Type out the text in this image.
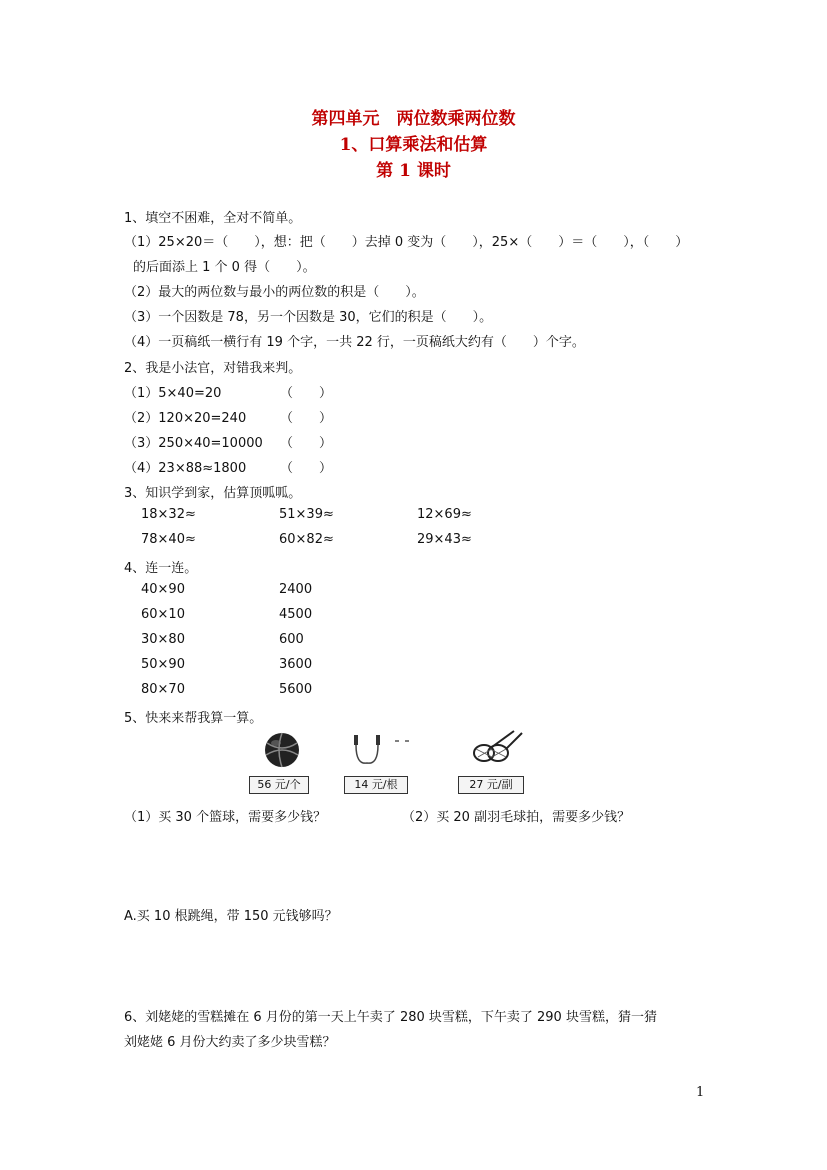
第四单元　两位数乘两位数
1、口算乘法和估算
第 1 课时
1、填空不困难，全对不简单。
（1）25×20＝（　　），想：把（　　）去掉 0 变为（　　），25×（　　）＝（　　），（　　）
的后面添上 1 个 0 得（　　）。
（2）最大的两位数与最小的两位数的积是（　　）。
（3）一个因数是 78，另一个因数是 30，它们的积是（　　）。
（4）一页稿纸一横行有 19 个字，一共 22 行，一页稿纸大约有（　　）个字。
2、我是小法官，对错我来判。
（1）5×40=20	（　　）
（2）120×20=240	（　　）
（3）250×40=10000 （　　）
（4）23×88≈1800	（　　）
3、知识学到家，估算顶呱呱。
18×32≈	51×39≈	12×69≈
78×40≈	60×82≈	29×43≈
4、连一连。
40×90	2400
60×10	4500
30×80	600
50×90	3600
80×70	5600
5、快来来帮我算一算。
56 元/个	14 元/根	27 元/副
（1）买 30 个篮球，需要多少钱？	（2）买 20 副羽毛球拍，需要多少钱？
A.买 10 根跳绳，带 150 元钱够吗？
6、刘姥姥的雪糕摊在 6 月份的第一天上午卖了 280 块雪糕，下午卖了 290 块雪糕，猜一猜
刘姥姥 6 月份大约卖了多少块雪糕？
1
